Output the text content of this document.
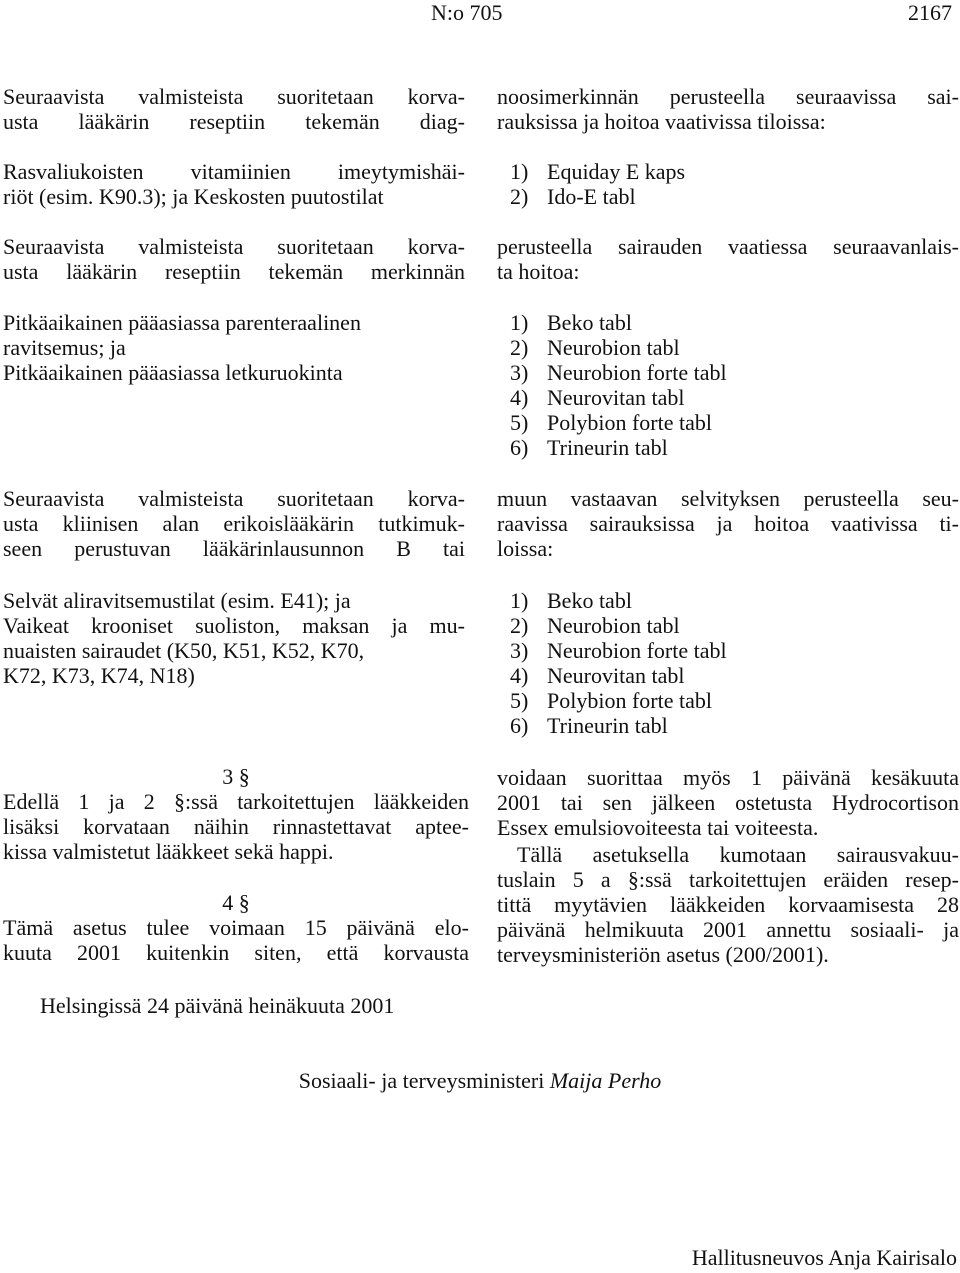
N:o 705	2167
Seuraavista valmisteista suoritetaan korva-
usta lääkärin reseptiin tekemän diag-
Rasvaliukoisten vitamiinien imeytymishäi-
riöt (esim. K90.3); ja Keskosten puutostilat
Seuraavista valmisteista suoritetaan korva-
usta lääkärin reseptiin tekemän merkinnän
Pitkäaikainen pääasiassa parenteraalinen
ravitsemus; ja
Pitkäaikainen pääasiassa letkuruokinta
Seuraavista valmisteista suoritetaan korva-
usta kliinisen alan erikoislääkärin tutkimuk-
seen perustuvan lääkärinlausunnon B tai
Selvät aliravitsemustilat (esim. E41); ja
Vaikeat krooniset suoliston, maksan ja mu-
nuaisten sairaudet (K50, K51, K52, K70,
K72, K73, K74, N18)
3 §
Edellä 1 ja 2 §:ssä tarkoitettujen lääkkeiden
lisäksi korvataan näihin rinnastettavat aptee-
kissa valmistetut lääkkeet sekä happi.
4 §
Tämä asetus tulee voimaan 15 päivänä elo-
kuuta 2001 kuitenkin siten, että korvausta
noosimerkinnän perusteella seuraavissa sai-
rauksissa ja hoitoa vaativissa tiloissa:
1) Equiday E kaps
2) Ido-E tabl
perusteella sairauden vaatiessa seuraavanlais-
ta hoitoa:
1) Beko tabl
2) Neurobion tabl
3) Neurobion forte tabl
4) Neurovitan tabl
5) Polybion forte tabl
6) Trineurin tabl
muun vastaavan selvityksen perusteella seu-
raavissa sairauksissa ja hoitoa vaativissa ti-
loissa:
1) Beko tabl
2) Neurobion tabl
3) Neurobion forte tabl
4) Neurovitan tabl
5) Polybion forte tabl
6) Trineurin tabl
voidaan suorittaa myös 1 päivänä kesäkuuta
2001 tai sen jälkeen ostetusta Hydrocortison
Essex emulsiovoiteesta tai voiteesta.
Tällä asetuksella kumotaan sairausvakuu-
tuslain 5 a §:ssä tarkoitettujen eräiden resep-
tittä myytävien lääkkeiden korvaamisesta 28
päivänä helmikuuta 2001 annettu sosiaali- ja
terveysministeriön asetus (200/2001).
Helsingissä 24 päivänä heinäkuuta 2001
Sosiaali- ja terveysministeri Maija Perho
Hallitusneuvos Anja Kairisalo
